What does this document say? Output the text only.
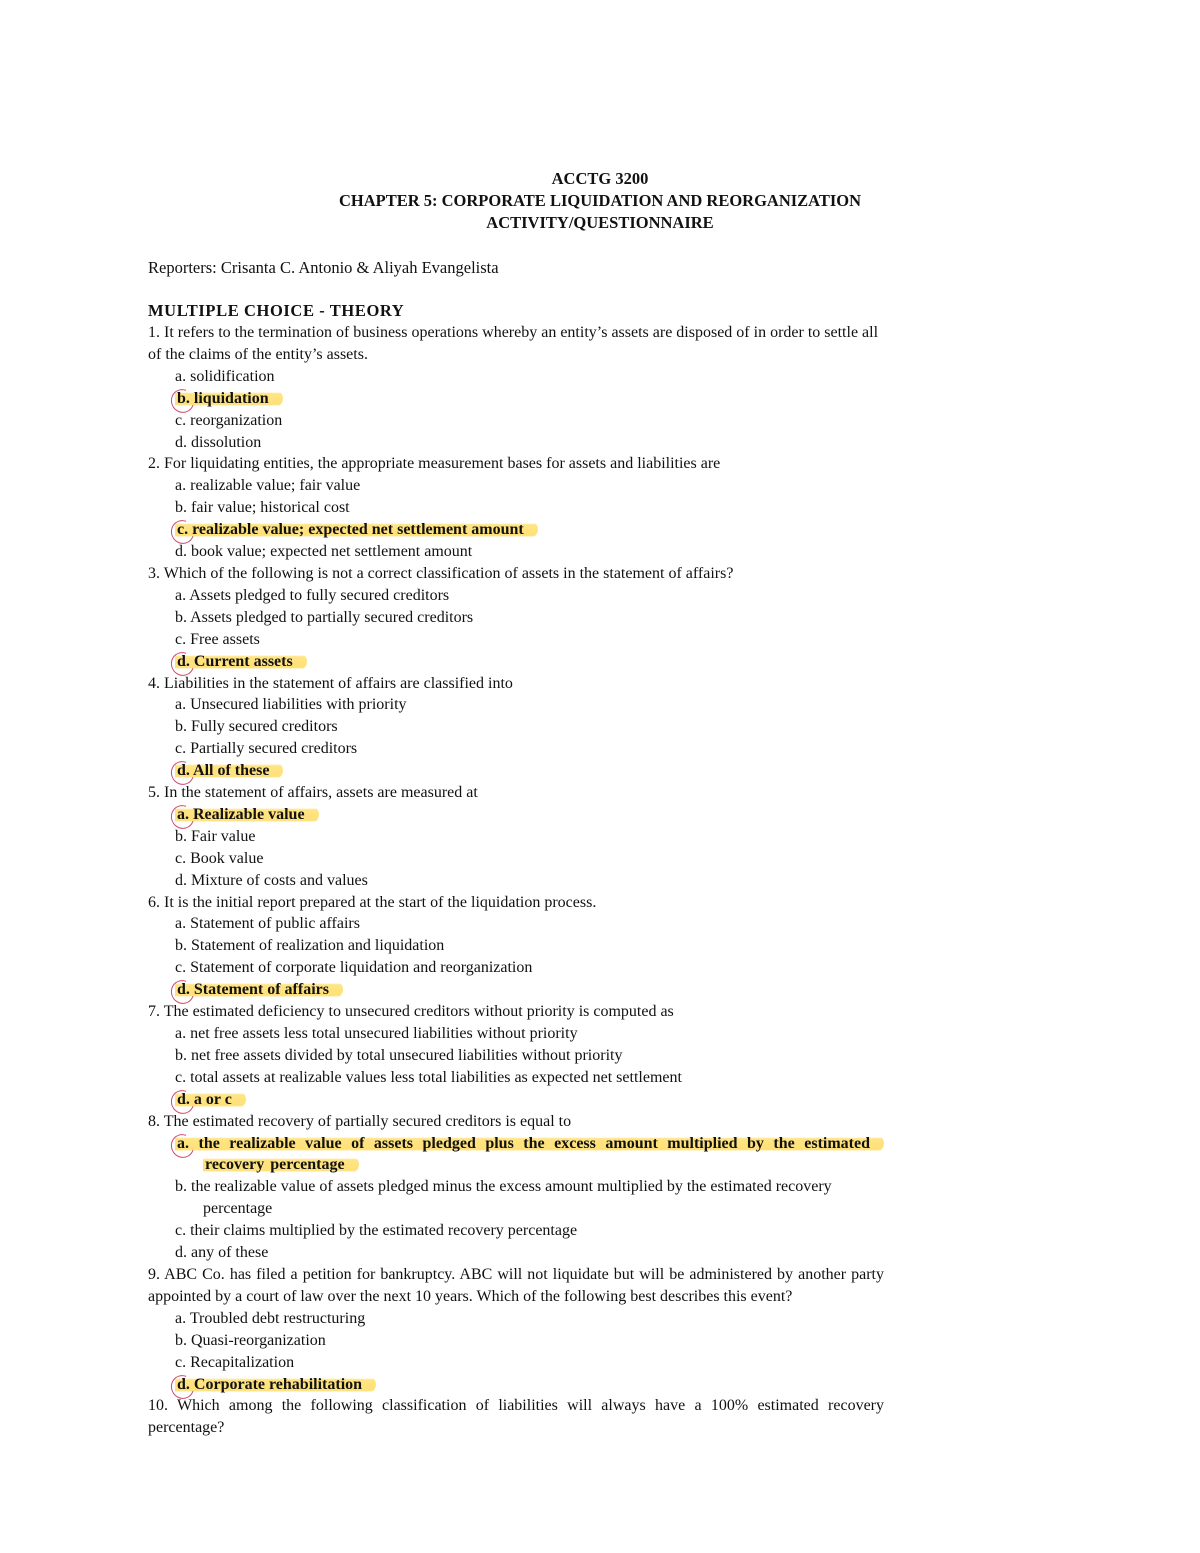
ACCTG 3200
CHAPTER 5: CORPORATE LIQUIDATION AND REORGANIZATION
ACTIVITY/QUESTIONNAIRE
Reporters: Crisanta C. Antonio & Aliyah Evangelista
MULTIPLE CHOICE - THEORY
1. It refers to the termination of business operations whereby an entity’s assets are disposed of in order to settle all of the claims of the entity’s assets.
a. solidification
b. liquidation
c. reorganization
d. dissolution
2. For liquidating entities, the appropriate measurement bases for assets and liabilities are
a. realizable value; fair value
b. fair value; historical cost
c. realizable value; expected net settlement amount
d. book value; expected net settlement amount
3. Which of the following is not a correct classification of assets in the statement of affairs?
a. Assets pledged to fully secured creditors
b. Assets pledged to partially secured creditors
c. Free assets
d. Current assets
4. Liabilities in the statement of affairs are classified into
a. Unsecured liabilities with priority
b. Fully secured creditors
c. Partially secured creditors
d. All of these
5. In the statement of affairs, assets are measured at
a. Realizable value
b. Fair value
c. Book value
d. Mixture of costs and values
6. It is the initial report prepared at the start of the liquidation process.
a. Statement of public affairs
b. Statement of realization and liquidation
c. Statement of corporate liquidation and reorganization
d. Statement of affairs
7. The estimated deficiency to unsecured creditors without priority is computed as
a. net free assets less total unsecured liabilities without priority
b. net free assets divided by total unsecured liabilities without priority
c. total assets at realizable values less total liabilities as expected net settlement
d. a or c
8. The estimated recovery of partially secured creditors is equal to
a. the realizable value of assets pledged plus the excess amount multiplied by the estimated recovery percentage
b. the realizable value of assets pledged minus the excess amount multiplied by the estimated recovery percentage
c. their claims multiplied by the estimated recovery percentage
d. any of these
9. ABC Co. has filed a petition for bankruptcy. ABC will not liquidate but will be administered by another party appointed by a court of law over the next 10 years. Which of the following best describes this event?
a. Troubled debt restructuring
b. Quasi-reorganization
c. Recapitalization
d. Corporate rehabilitation
10. Which among the following classification of liabilities will always have a 100% estimated recovery percentage?
